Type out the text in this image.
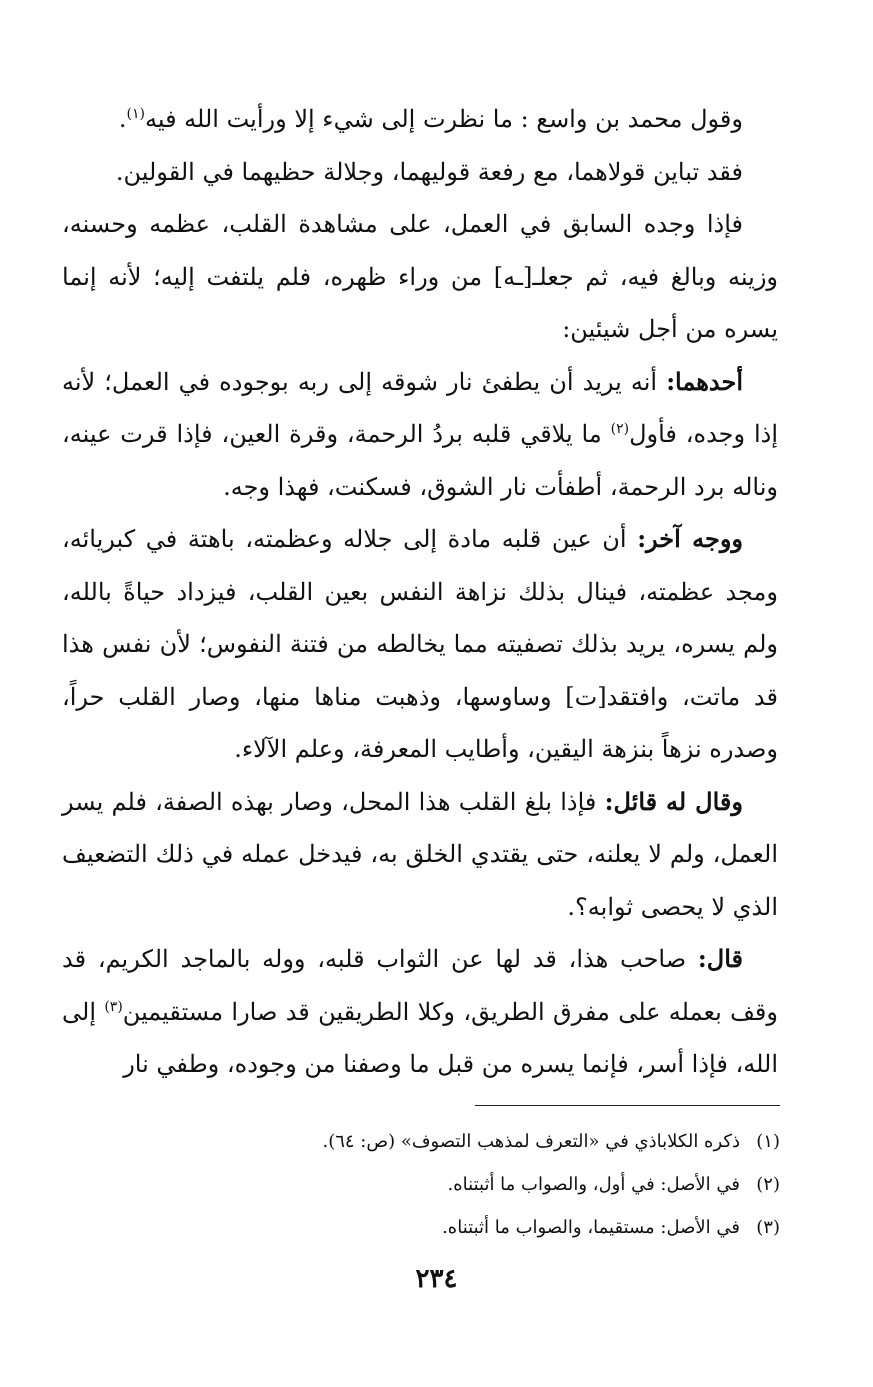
وقول محمد بن واسع : ما نظرت إلى شيء إلا ورأيت الله فيه$^{(١)}$.

فقد تباين قولاهما، مع رفعة قوليهما، وجلالة حظيهما في القولين.

فإذا وجده السابق في العمل، على مشاهدة القلب، عظمه وحسنه، وزينه وبالغ فيه، ثم جعلـ[ـه] من وراء ظهره، فلم يلتفت إليه؛ لأنه إنما يسره من أجل شيئين:

أحدهما: أنه يريد أن يطفئ نار شوقه إلى ربه بوجوده في العمل؛ لأنه إذا وجده، فأول$^{(٢)}$ ما يلاقي قلبه بردُ الرحمة، وقرة العين، فإذا قرت عينه، وناله برد الرحمة، أطفأت نار الشوق، فسكنت، فهذا وجه.

ووجه آخر: أن عين قلبه مادة إلى جلاله وعظمته، باهتة في كبريائه، ومجد عظمته، فينال بذلك نزاهة النفس بعين القلب، فيزداد حياةً بالله، ولم يسره، يريد بذلك تصفيته مما يخالطه من فتنة النفوس؛ لأن نفس هذا قد ماتت، وافتقد[ت] وساوسها، وذهبت مناها منها، وصار القلب حراً، وصدره نزهاً بنزهة اليقين، وأطايب المعرفة، وعلم الآلاء.

وقال له قائل: فإذا بلغ القلب هذا المحل، وصار بهذه الصفة، فلم يسر العمل، ولم لا يعلنه، حتى يقتدي الخلق به، فيدخل عمله في ذلك التضعيف الذي لا يحصى ثوابه؟.

قال: صاحب هذا، قد لها عن الثواب قلبه، ووله بالماجد الكريم، قد وقف بعمله على مفرق الطريق، وكلا الطريقين قد صارا مستقيمين$^{(٣)}$ إلى الله، فإذا أسر، فإنما يسره من قبل ما وصفنا من وجوده، وطفي نار

(١)ذكره الكلاباذي في «التعرف لمذهب التصوف» (ص: ٦٤).

(٢)في الأصل: في أول، والصواب ما أثبتناه.

(٣)في الأصل: مستقيما، والصواب ما أثبتناه.

٢٣٤
